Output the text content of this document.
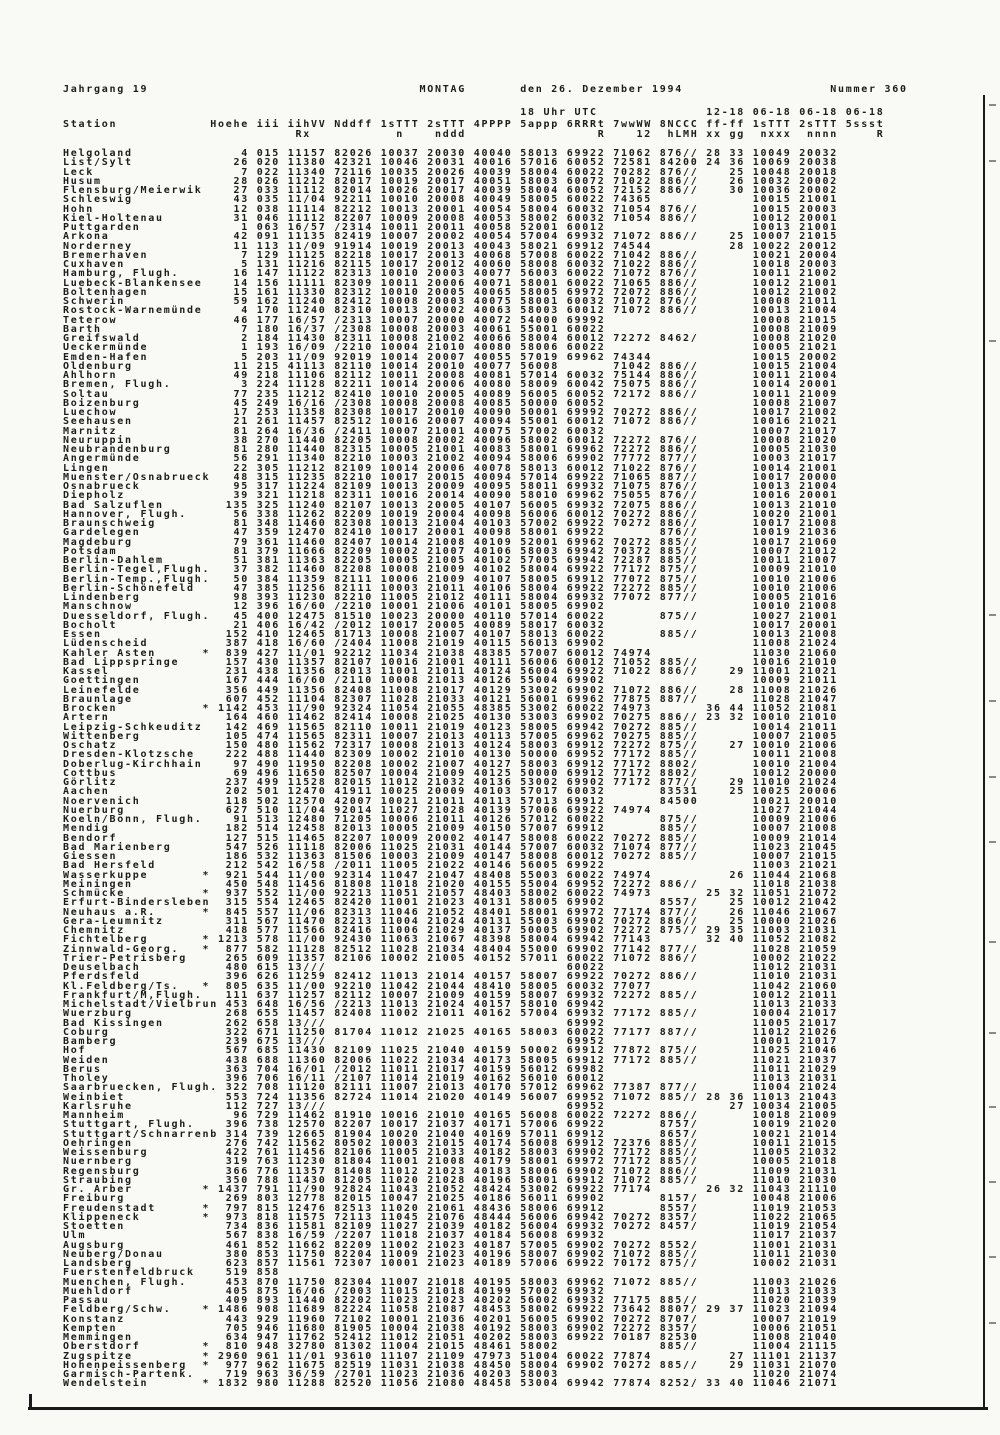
Jahrgang 19	MONTAG	den 26. Dezember 1994	Nummer 360
18 Uhr UTC              12-18 06-18 06-18 06-18
Station            Hoehe iii iihVV Nddff 1sTTT 2sTTT 4PPPP 5appp 6RRRt 7wwWW 8NCCC ff-ff 1sTTT 2sTTT 5ssst
Rx           n    nddd                 R    12  hLMH xx gg  nxxx  nnnn     R
Helgoland              4 015 11157 82026 10037 20030 40040 58013 69922 71062 876// 28 33 10049 20032
List/Sylt             26 020 11380 42321 10046 20031 40016 57016 60052 72581 84200 24 36 10069 20038
Leck                   7 022 11340 72116 10035 20026 40039 58004 60022 70282 876//    25 10048 20018
Husum                 28 026 11212 82017 10019 20017 40051 58003 60072 71022 886//    26 10032 20002
Flensburg/Meierwik    27 033 11112 82014 10026 20017 40039 58004 60052 72152 886//    30 10036 20002
Schleswig             43 035 11/04 92211 10010 20008 40049 58005 60022 74365             10015 21001
Hohn                  12 038 11114 82212 10013 20001 40054 58004 60032 71054 876//       10015 20003
Kiel-Holtenau         31 046 11112 82207 10009 20008 40053 58002 60032 71054 886//       10012 20001
Puttgarden             1 063 16/57 /2314 10011 20011 40058 52001 60012                   10013 21001
Arkona                42 091 11135 82419 10007 20002 40054 57004 69932 71072 886//    25 10007 21015
Norderney             11 113 11/09 91914 10019 20013 40043 58021 69912 74544          28 10022 20012
Bremerhaven            7 129 11125 82218 10017 20013 40068 57008 60022 71042 886//       10021 20004
Cuxhaven               5 131 11216 82115 10017 20012 40060 58008 60032 71022 886//       10018 20003
Hamburg, Flugh.       16 147 11122 82313 10010 20003 40077 56003 60022 71072 876//       10011 21002
Luebeck-Blankensee    14 156 11111 82309 10011 20006 40071 58001 60022 71065 886//       10012 21001
Boltenhagen           15 161 11330 82312 10010 20005 40065 58005 69972 72072 886//       10012 21002
Schwerin              59 162 11240 82412 10008 20003 40075 58001 60032 71072 876//       10008 21011
Rostock-Warnemünde     4 170 11240 82310 10013 20002 40063 58003 60012 71072 886//       10013 21004
Teterow               46 177 16/57 /2313 10007 20000 40072 54000 69992                   10008 21015
Barth                  7 180 16/37 /2308 10008 20003 40061 55001 60022                   10008 21009
Greifswald             2 184 11430 82311 10008 21002 40066 58004 60012 72272 8462/       10008 21020
Ueckermünde            1 193 16/09 /2210 10004 21010 40080 58006 60022                   10005 21021
Emden-Hafen            5 203 11/09 92019 10014 20007 40055 57019 69962 74344             10015 20002
Oldenburg             11 215 41113 82110 10014 20010 40077 56008       71042 886//       10015 21004
Ahlhorn               49 218 11106 82112 10011 20008 40081 57014 60032 75144 886//       10011 21004
Bremen, Flugh.         3 224 11128 82211 10014 20006 40080 58009 60042 75075 886//       10014 20001
Soltau                77 235 11212 82410 10010 20005 40089 56005 60052 72172 886//       10011 21009
Boizenburg            45 249 16/16 /2308 10008 20008 40085 50000 60052                   10008 21007
Luechow               17 253 11358 82308 10017 20010 40090 50001 69992 70272 886//       10017 21002
Seehausen             21 261 11457 82512 10016 20007 40094 55001 60012 71072 886//       10016 21021
Marnitz               81 264 16/36 /2411 10007 21001 40075 57002 60032                   10007 21017
Neuruppin             38 270 11440 82205 10008 20002 40096 58002 60012 72272 876//       10008 21020
Neubrandenburg        81 280 11440 82315 10005 21001 40083 58001 69962 72272 886//       10005 21030
Angermünde            56 291 11340 82210 10003 21002 40094 58006 69902 77772 877//       10003 21017
Lingen                22 305 11212 82109 10014 20006 40078 58013 60012 71022 876//       10014 21001
Muenster/Osnabrueck   48 315 11235 82210 10017 20015 40094 57014 69922 71065 887//       10017 20000
Osnabrueck            95 317 11224 82109 10013 20009 40095 58011 69932 71075 876//       10013 21004
Diepholz              39 321 11218 82311 10016 20014 40090 58010 69962 75055 876//       10016 20001
Bad Salzuflen        135 325 11240 82107 10013 20005 40107 56005 69932 72075 886//       10013 21010
Hannover, Flugh.      56 338 11262 82209 10019 20004 40098 56006 60012 70272 886//       10020 21001
Braunschweig          81 348 11460 82308 10013 21004 40103 57002 69922 70272 886//       10017 21008
Gardelegen            47 359 12470 82410 10017 20001 40098 58001 69922       876//       10019 21036
Magdeburg             79 361 11460 82407 10014 21008 40109 52001 69962 70272 885//       10017 21060
Potsdam               81 379 11666 82209 10002 21007 40106 58003 69942 70372 885//       10007 21012
Berlin-Dahlem         51 381 11363 82205 10005 21005 40102 57005 69942 72287 885//       10011 21007
Berlin-Tegel,Flugh.   37 382 11460 82208 10008 21009 40102 58004 69922 77172 875//       10009 21010
Berlin-Temp.,Flugh.   50 384 11359 82111 10006 21009 40107 58005 69912 77072 875//       10010 21006
Berlin-Schönefeld     47 385 11256 82111 10003 21011 40106 58004 69922 72272 885//       10010 21006
Lindenberg            98 393 11230 82210 11005 21012 40111 58004 69932 77072 877//       10005 21016
Manschnow             12 396 16/60 /2210 10001 21006 40101 58005 69902                   10010 21008
Duesseldorf, Flugh.   45 400 12475 81510 10023 20000 40110 57014 60022       875//       10027 21001
Bocholt               21 406 16/42 /2012 10017 20005 40089 58017 60032                   10017 20001
Essen                152 410 12465 81713 10008 21007 40107 58013 60022       885//       10013 21008
Lüdenscheid          387 418 16/60 /2404 11008 21019 40115 56013 69902                   11008 21024
Kahler Asten      *  839 427 11/01 92212 11034 21038 48385 57007 60012 74974             11030 21060
Bad Lippspringe      157 430 11357 82107 10016 21001 40111 56006 60012 71052 885//       10016 21010
Kassel               231 438 11356 82013 11001 21011 40124 56004 69922 71022 886//    29 11001 21021
Goettingen           167 444 16/60 /2110 10008 21013 40126 55004 69902                   10009 21011
Leinefelde           356 449 11356 82408 11008 21017 40129 53002 69902 71072 886//    28 11008 21026
Braunlage            607 452 11104 82307 11028 21033 40121 56001 69962 77875 887//       11028 21047
Brocken           * 1142 453 11/90 92324 11054 21055 48385 53002 60022 74973       36 44 11052 21081
Artern               164 460 11462 82414 10008 21025 40130 53003 69902 70275 886// 23 32 10010 21010
Leipzig-Schkeuditz   142 469 11565 82110 10011 21019 40123 58005 69942 70272 885//       10014 21011
Wittenberg           105 474 11565 82311 10007 21013 40113 57005 69962 70275 885//       10007 21005
Oschatz              150 480 11562 72317 10008 21013 40124 58003 69912 72272 875//    27 10010 21006
Dresden-Klotzsche    222 488 11440 82309 10002 21010 40130 50000 69952 77172 885//       10011 21008
Doberlug-Kirchhain    97 490 11950 82208 10002 21007 40127 58003 69912 77172 8802/       10010 21004
Cottbus               69 496 11650 82507 10004 21009 40125 50000 69912 77172 8802/       10012 20000
Görlitz              237 499 11528 82015 11012 21032 40136 53002 69902 77172 877//    29 11010 21024
Aachen               202 501 12470 41911 10025 20009 40103 57017 60032       83531    25 10025 20006
Noervenich           118 502 12570 42007 10021 21011 40113 57013 69912       84500       10021 20010
Nuerburg             627 510 11/04 92014 11027 21028 40139 57006 69922 74974             11027 21044
Koeln/Bonn, Flugh.    91 513 12480 71205 10006 21011 40126 57012 60022       875//       10009 21006
Mendig               182 514 12458 82013 10005 21009 40150 57007 69912       885//       10007 21008
Bendorf              127 515 11465 82207 10009 20002 40147 58008 60022 70272 885//       10009 21014
Bad Marienberg       547 526 11118 82006 11025 21031 40144 57007 60032 71074 877//       11023 21045
Giessen              186 532 11363 81506 10003 21009 40147 58008 60012 70272 885//       10007 21015
Bad Hersfeld         212 542 16/58 /2011 11005 21022 40146 56005 69922                   11003 21021
Wasserkuppe       *  921 544 11/00 92314 11047 21047 48408 55003 60022 74974          26 11044 21068
Meiningen            450 548 11456 81808 11018 21020 40155 55004 69952 72272 886//       11018 21038
Schmücke          *  937 552 11/00 92213 11051 21057 48403 58002 60022 74973       25 32 11051 21072
Erfurt-Bindersleben  315 554 12465 82420 11001 21023 40131 58005 69902       8557/    25 10012 21042
Neuhaus a.R.      *  845 557 11/06 82313 11046 21052 48401 58001 69972 77174 877//    26 11046 21067
Gera-Leumnitz        311 567 11470 82213 11004 21024 40131 55003 69902 70272 886//    25 10000 21026
Chemnitz             418 577 11566 82416 11006 21029 40137 50005 69902 72272 875// 29 35 11003 21031
Fichtelberg       * 1213 578 11/00 92430 11063 21067 48398 58004 69942 77143       32 40 11052 21082
Zinnwald-Georg.   *  877 582 11128 82512 11028 21034 48404 55000 69902 77142 877//       11028 21059
Trier-Petrisberg     265 609 11357 82106 10002 21005 40152 57011 60022 71072 886//       10002 21022
Deuselbach           480 615 13///                               60022                   11012 21031
Pferdsfeld           396 626 11259 82412 11013 21014 40157 58007 69922 70272 886//       11010 21031
Kl.Feldberg/Ts.   *  805 635 11/00 92210 11042 21044 48410 58005 60032 77077             11042 21060
Frankfurt/M,Flugh.   111 637 11257 82112 10007 21009 40159 58007 69932 72272 885//       10012 21011
Michelstadt/Vielbrun 453 648 16/56 /2213 11013 21024 40157 58010 69942                   11013 21033
Wuerzburg            268 655 11457 82408 11002 21011 40162 57004 69932 77172 885//       10004 21017
Bad Kissingen        262 658 13///                               69992                   11005 21017
Coburg               322 671 11250 81704 11012 21025 40165 58003 60022 77177 887//       11012 21026
Bamberg              239 675 13///                               69952                   10001 21017
Hof                  567 685 11430 82109 11025 21040 40159 50002 69912 77872 875//       11025 21046
Weiden               438 688 11360 82006 11022 21034 40173 58005 69912 77172 885//       11021 21037
Berus                363 704 16/01 /2012 11011 21017 40159 56012 69982                   11011 21029
Tholey               396 706 16/11 /2107 11014 21019 40162 56010 60012                   11013 21031
Saarbruecken, Flugh. 322 708 11120 82111 11007 21013 40170 57012 69962 77387 877//       11004 21024
Weinbiet             553 724 11356 82724 11014 21020 40149 56007 69952 71072 885// 28 36 11013 21043
Karlsruhe            112 727 13///                               69952                27 10034 21005
Mannheim              96 729 11462 81910 10016 21010 40165 56008 60022 72272 886//       10018 21009
Stuttgart, Flugh.    396 738 12570 82207 10017 21037 40171 57006 69922       8757/       10019 21020
Stuttgart/Schnarrenb 314 739 12665 81904 10020 21040 40169 57011 69912       8657/       10021 21014
Oehringen            276 742 11562 80502 10003 21015 40174 56008 69912 72376 885//       10011 21015
Weissenburg          422 761 11456 82106 11005 21033 40182 58003 69902 77172 885//       11005 21032
Nuernberg            319 763 11230 81804 11001 21008 40179 58001 69972 77172 885//       10005 21018
Regensburg           366 776 11357 81408 11012 21023 40183 58006 69902 71072 886//       11009 21031
Straubing            350 788 11430 81205 11020 21028 40196 58001 69912 71072 885//       11010 21030
Gr. Arber         * 1437 791 11/90 92824 11043 21052 48424 53002 69922 77174       26 32 11043 21110
Freiburg             269 803 12778 82015 10047 21025 40186 56011 69902       8157/       10048 21006
Freudenstadt      *  797 815 12476 82513 11020 21061 48436 58006 69912       8557/       11019 21053
Klippeneck        *  973 818 11575 72113 11045 21076 48444 56006 69942 70272 8357/       11022 21065
Stoetten             734 836 11581 82109 11027 21039 40182 56004 69932 70272 8457/       11019 21054
Ulm                  567 838 16/59 /2207 11018 21037 40184 56008 69932                   11017 21037
Augsburg             461 852 11662 82209 11002 21023 40187 57005 69902 70272 8552/       11001 21031
Neuberg/Donau        380 853 11750 82204 11009 21023 40196 58007 69902 71072 885//       11011 21030
Landsberg            623 857 11561 72307 10001 21023 40189 57006 69922 70172 875//       10002 21031
Fuerstenfeldbruck    519 858
Muenchen, Flugh.     453 870 11750 82304 11007 21018 40195 58003 69962 71072 885//       11003 21026
Muehldorf            405 875 16/06 /2003 11015 21018 40199 57002 69932                   11013 21033
Passau               409 893 11440 82202 11023 21023 40202 56002 69932 77175 885//       11020 21039
Feldberg/Schw.    * 1486 908 11689 82224 11058 21087 48453 58002 69922 73642 8807/ 29 37 11023 21094
Konstanz             443 929 11960 72102 10001 21036 40201 56005 69902 70272 8707/       10007 21019
Kempten              705 946 11680 81905 10004 21038 40192 58003 69902 72272 8357/       10006 21051
Memmingen            634 947 11762 52412 11012 21051 40202 58003 69922 70187 82530       11008 21040
Oberstdorf        *  810 948 32780 81302 11004 21015 48461 58002             885//       11004 21115
Zugspitze         * 2960 961 11/01 93610 11107 21109 47973 51004 60022 77874          27 11101 21137
Hohenpeissenberg  *  977 962 11675 82519 11031 21038 48450 58004 69902 70272 885//    29 11031 21070
Garmisch-Partenk.    719 963 36/59 /2701 11023 21036 40203 58003                         11020 21074
Wendelstein       * 1832 980 11288 82520 11056 21080 48458 53004 69942 77874 8252/ 33 40 11046 21071
